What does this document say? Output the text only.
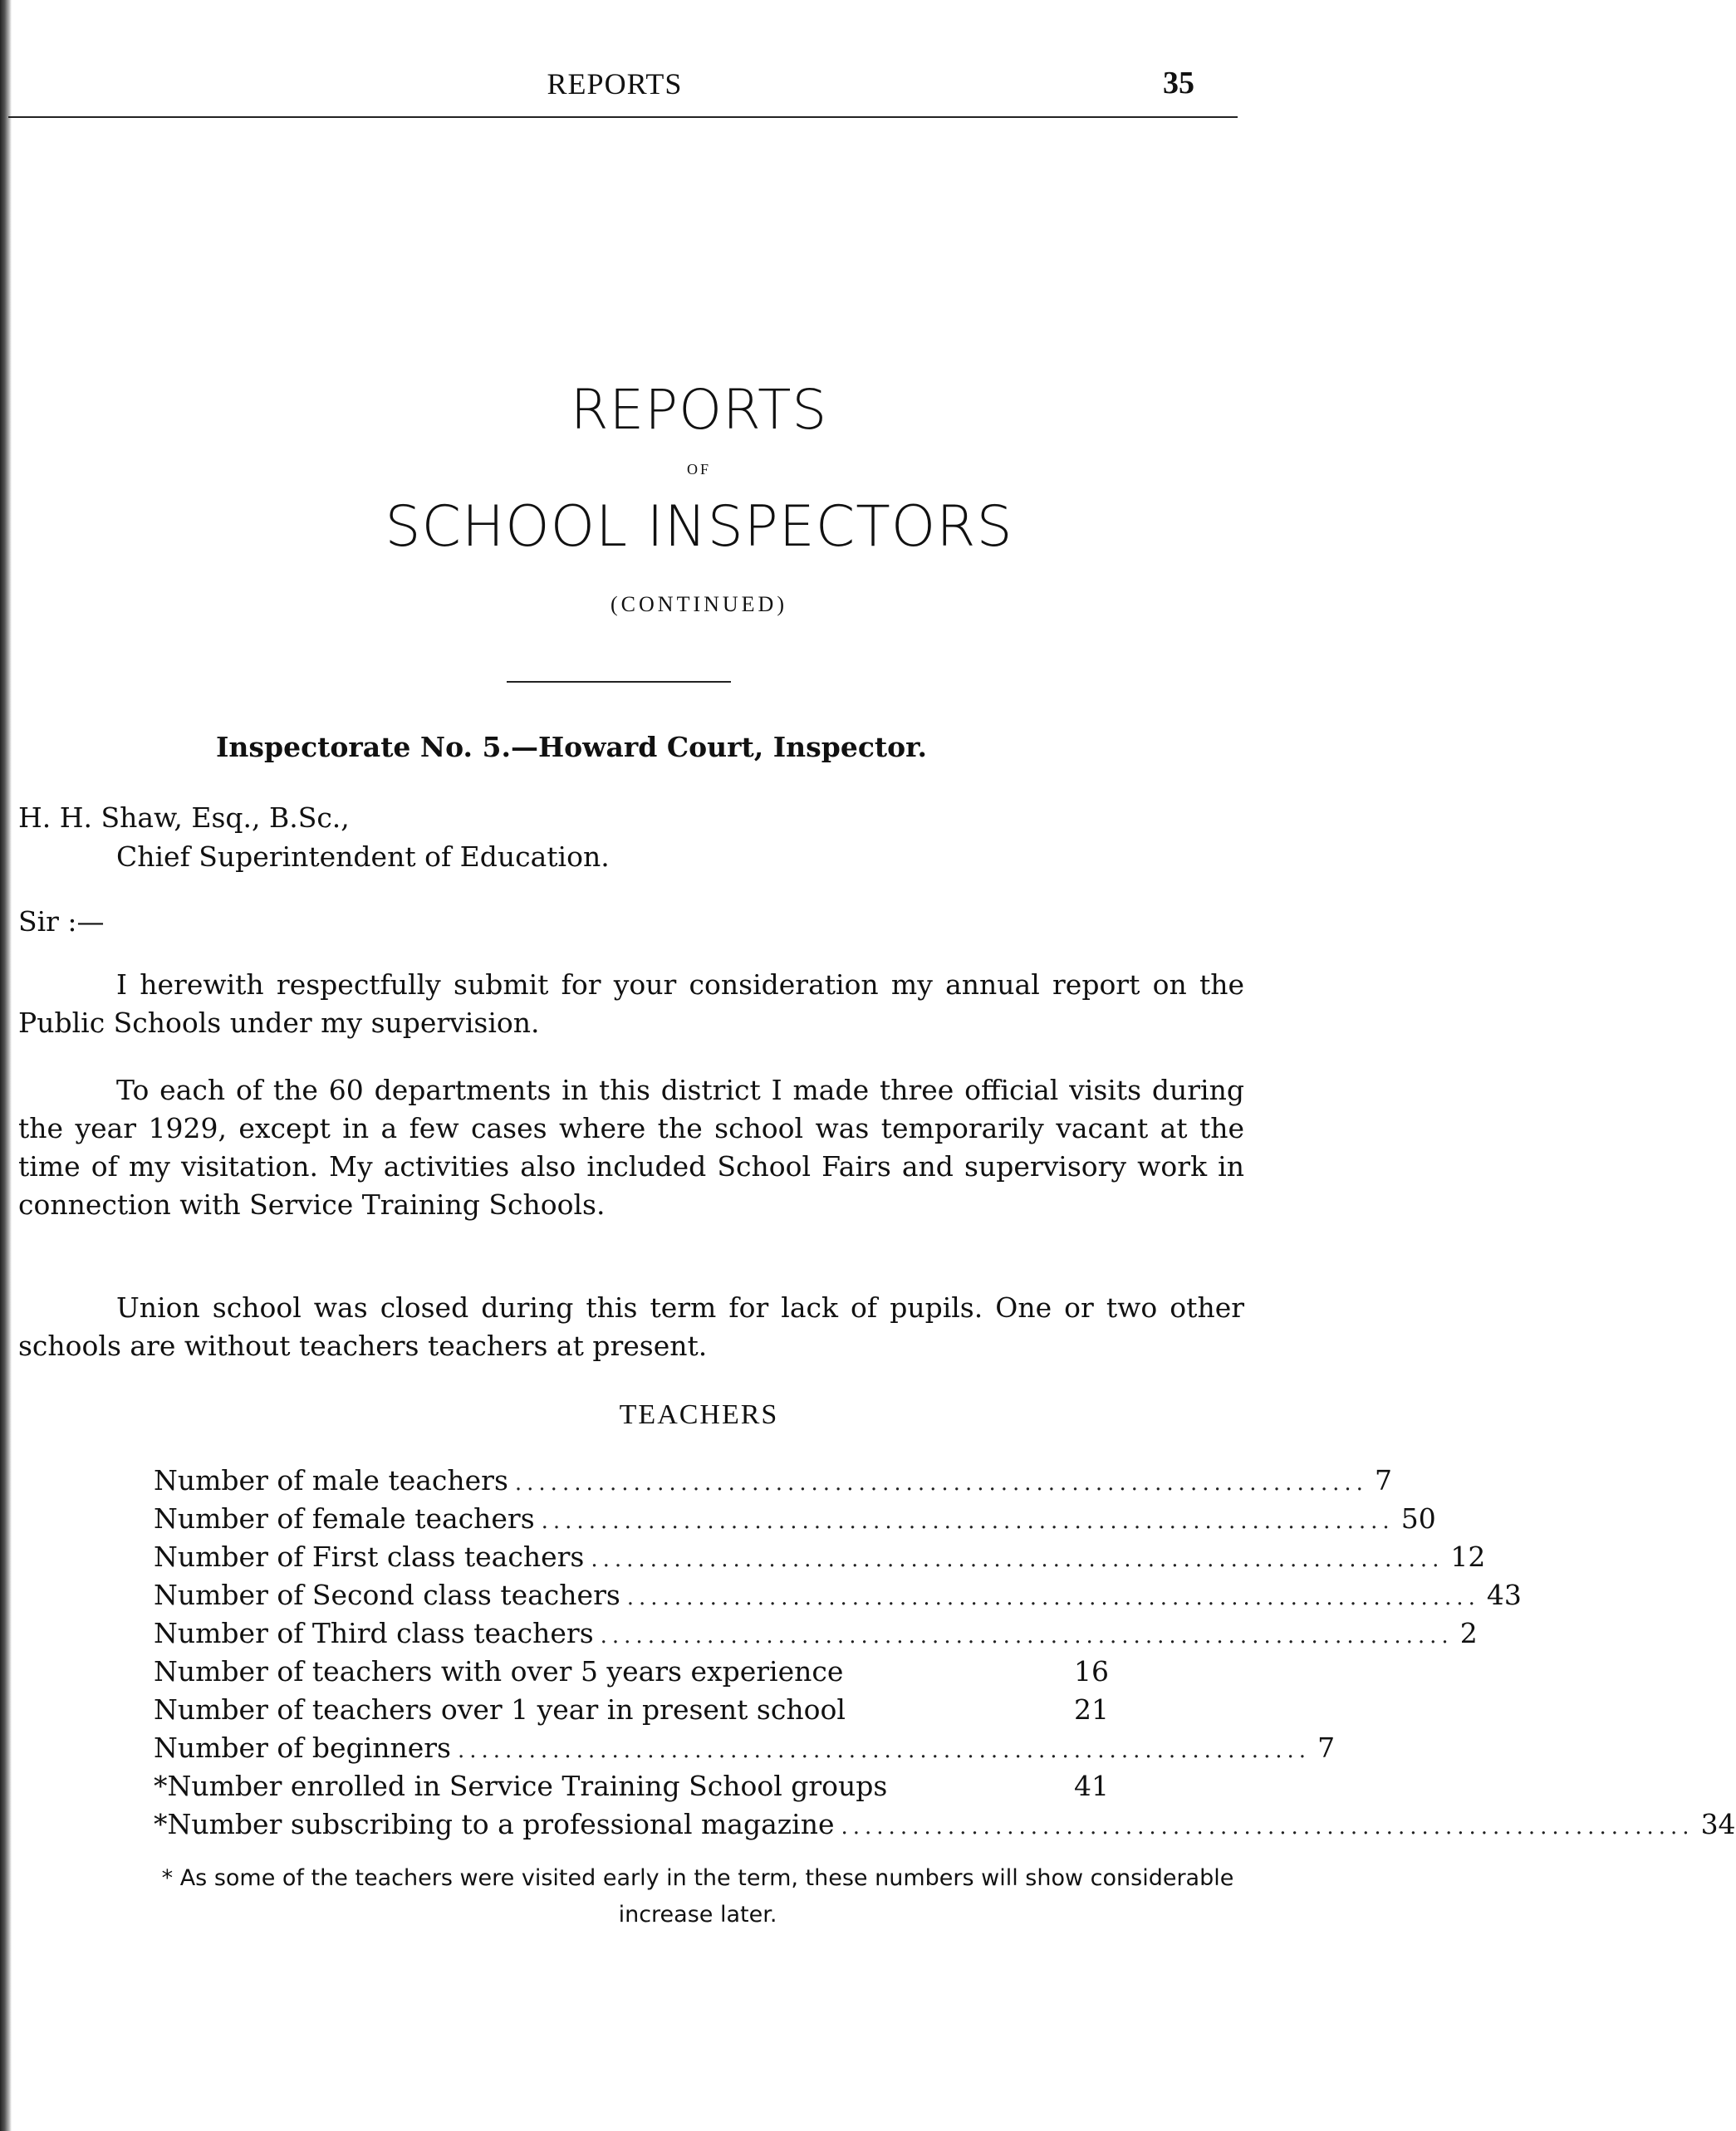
REPORTS	35
REPORTS
OF
SCHOOL INSPECTORS
(CONTINUED)
Inspectorate No. 5.—Howard Court, Inspector.
H. H. Shaw, Esq., B.Sc.,
Chief Superintendent of Education.
Sir :—

I herewith respectfully submit for your consideration my annual report on the Public Schools under my supervision.

To each of the 60 departments in this district I made three official visits during the year 1929, except in a few cases where the school was temporarily vacant at the time of my visitation. My activities also included School Fairs and supervisory work in connection with Service Training Schools.

Union school was closed during this term for lack of pupils. One or two other schools are without teachers teachers at present.

TEACHERS
Number of male teachers ........................................................................ 7
Number of female teachers ........................................................................ 50
Number of First class teachers ........................................................................ 12
Number of Second class teachers ........................................................................ 43
Number of Third class teachers ........................................................................ 2
Number of teachers with over 5 years experience	16
Number of teachers over 1 year in present school	21
Number of beginners ........................................................................ 7
*Number enrolled in Service Training School groups	41
*Number subscribing to a professional magazine ........................................................................ 34
* As some of the teachers were visited early in the term, these numbers will show considerable increase later.
